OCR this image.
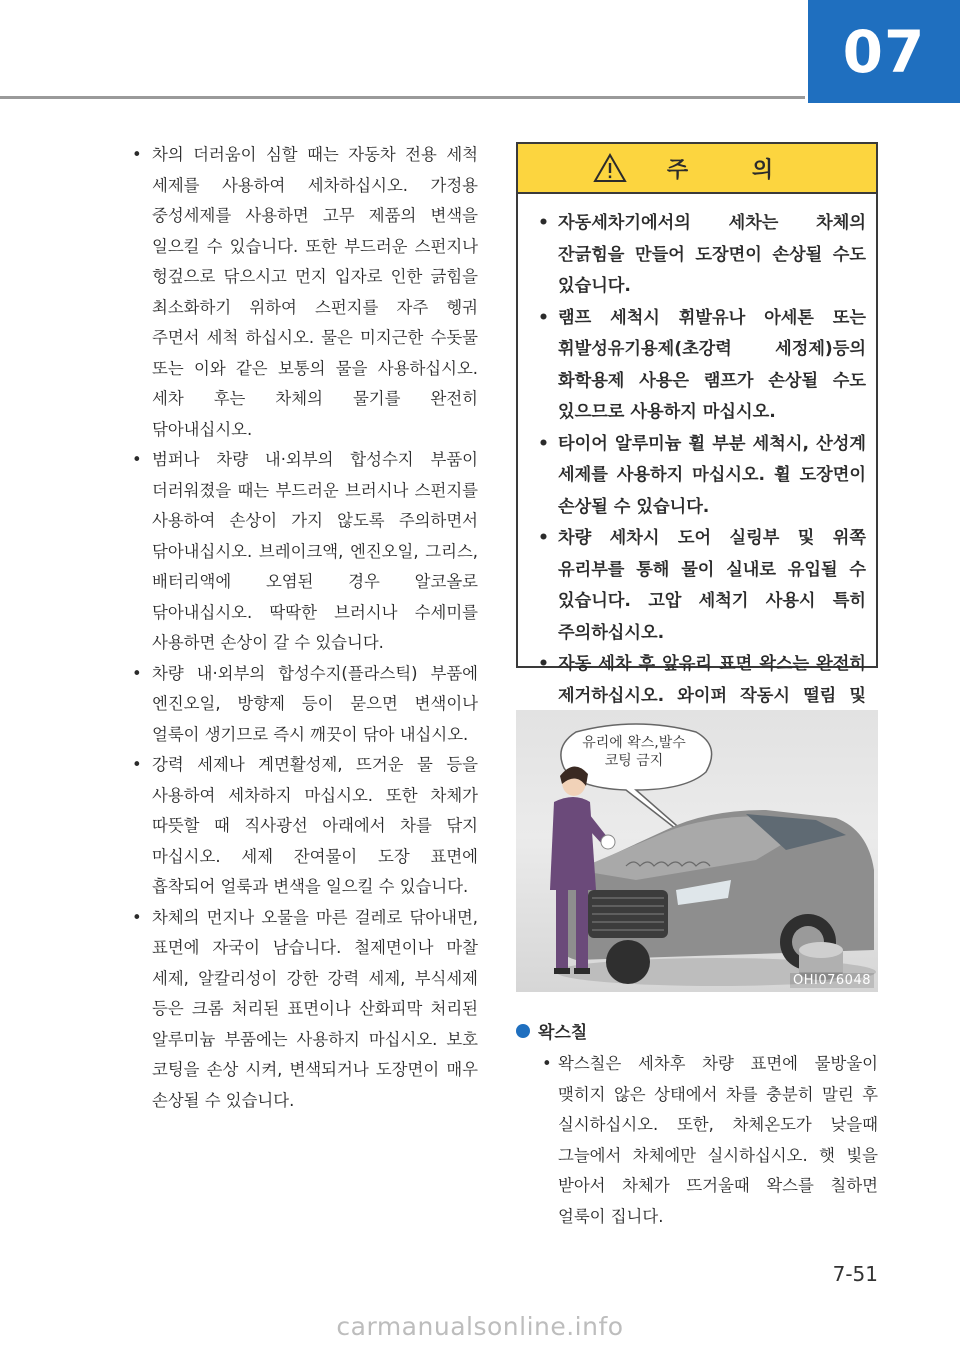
07
• 차의 더러움이 심할 때는 자동차 전용 세척 세제를 사용하여 세차하십시오. 가정용 중성세제를 사용하면 고무 제품의 변색을 일으킬 수 있습니다. 또한 부드러운 스펀지나 헝겊으로 닦으시고 먼지 입자로 인한 긁힘을 최소화하기 위하여 스펀지를 자주 헹궈 주면서 세척 하십시오. 물은 미지근한 수돗물 또는 이와 같은 보통의 물을 사용하십시오. 세차 후는 차체의 물기를 완전히 닦아내십시오.
• 범퍼나 차량 내·외부의 합성수지 부품이 더러워졌을 때는 부드러운 브러시나 스펀지를 사용하여 손상이 가지 않도록 주의하면서 닦아내십시오. 브레이크액, 엔진오일, 그리스, 배터리액에 오염된 경우 알코올로 닦아내십시오. 딱딱한 브러시나 수세미를 사용하면 손상이 갈 수 있습니다.
• 차량 내·외부의 합성수지(플라스틱) 부품에 엔진오일, 방향제 등이 묻으면 변색이나 얼룩이 생기므로 즉시 깨끗이 닦아 내십시오.
• 강력 세제나 계면활성제, 뜨거운 물 등을 사용하여 세차하지 마십시오. 또한 차체가 따뜻할 때 직사광선 아래에서 차를 닦지 마십시오. 세제 잔여물이 도장 표면에 흡착되어 얼룩과 변색을 일으킬 수 있습니다.
• 차체의 먼지나 오물을 마른 걸레로 닦아내면, 표면에 자국이 남습니다. 철제면이나 마찰 세제, 알칼리성이 강한 강력 세제, 부식세제 등은 크롬 처리된 표면이나 산화피막 처리된 알루미늄 부품에는 사용하지 마십시오. 보호 코팅을 손상 시켜, 변색되거나 도장면이 매우 손상될 수 있습니다.
주 의
• 자동세차기에서의 세차는 차체의 잔긁힘을 만들어 도장면이 손상될 수도 있습니다.
• 램프 세척시 휘발유나 아세톤 또는 휘발성유기용제(초강력 세정제)등의 화학용제 사용은 램프가 손상될 수도 있으므로 사용하지 마십시오.
• 타이어 알루미늄 휠 부분 세척시, 산성계 세제를 사용하지 마십시오. 휠 도장면이 손상될 수 있습니다.
• 차량 세차시 도어 실링부 및 위쪽 유리부를 통해 물이 실내로 유입될 수 있습니다. 고압 세척기 사용시 특히 주의하십시오.
• 자동 세차 후 앞유리 표면 왁스는 완전히 제거하십시오. 와이퍼 작동시 떨림 및
유리에 왁스,발수
코팅 금지
OHI076048
왁스칠
• 왁스칠은 세차후 차량 표면에 물방울이 맺히지 않은 상태에서 차를 충분히 말린 후 실시하십시오. 또한, 차체온도가 낮을때 그늘에서 차체에만 실시하십시오. 햇 빛을 받아서 차체가 뜨거울때 왁스를 칠하면 얼룩이 집니다.
7-51
carmanualsonline.info
